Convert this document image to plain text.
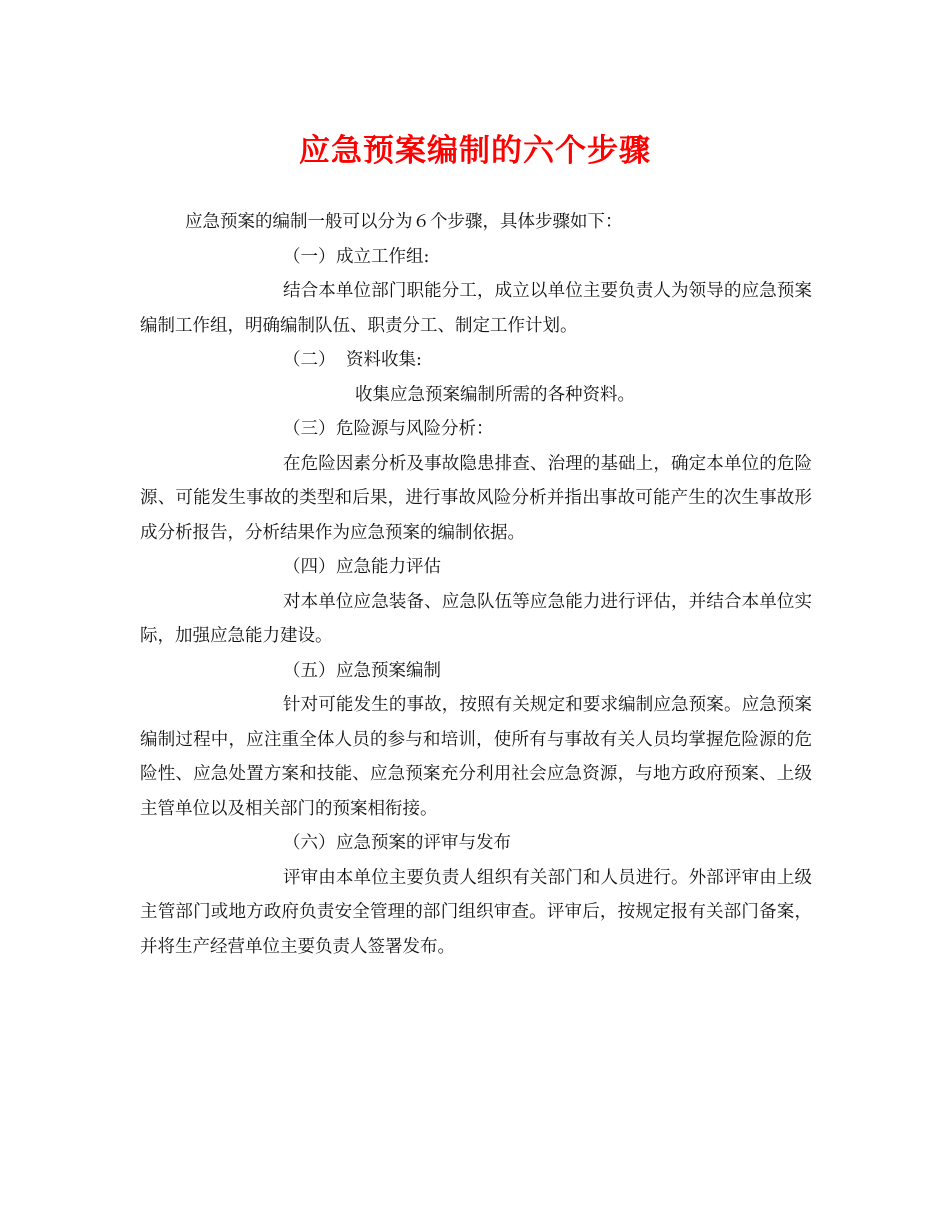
应急预案编制的六个步骤

应急预案的编制一般可以分为６个步骤，具体步骤如下：

（一）成立工作组:

结合本单位部门职能分工，成立以单位主要负责人为领导的应急预案编制工作组，明确编制队伍、职责分工、制定工作计划。

（二） 资料收集:

收集应急预案编制所需的各种资料。

（三）危险源与风险分析：

在危险因素分析及事故隐患排查、治理的基础上，确定本单位的危险源、可能发生事故的类型和后果，进行事故风险分析并指出事故可能产生的次生事故形成分析报告，分析结果作为应急预案的编制依据。

（四）应急能力评估

对本单位应急装备、应急队伍等应急能力进行评估，并结合本单位实际，加强应急能力建设。

（五）应急预案编制

针对可能发生的事故，按照有关规定和要求编制应急预案。应急预案编制过程中，应注重全体人员的参与和培训，使所有与事故有关人员均掌握危险源的危险性、应急处置方案和技能、应急预案充分利用社会应急资源，与地方政府预案、上级主管单位以及相关部门的预案相衔接。

（六）应急预案的评审与发布

评审由本单位主要负责人组织有关部门和人员进行。外部评审由上级主管部门或地方政府负责安全管理的部门组织审查。评审后，按规定报有关部门备案，并将生产经营单位主要负责人签署发布。
